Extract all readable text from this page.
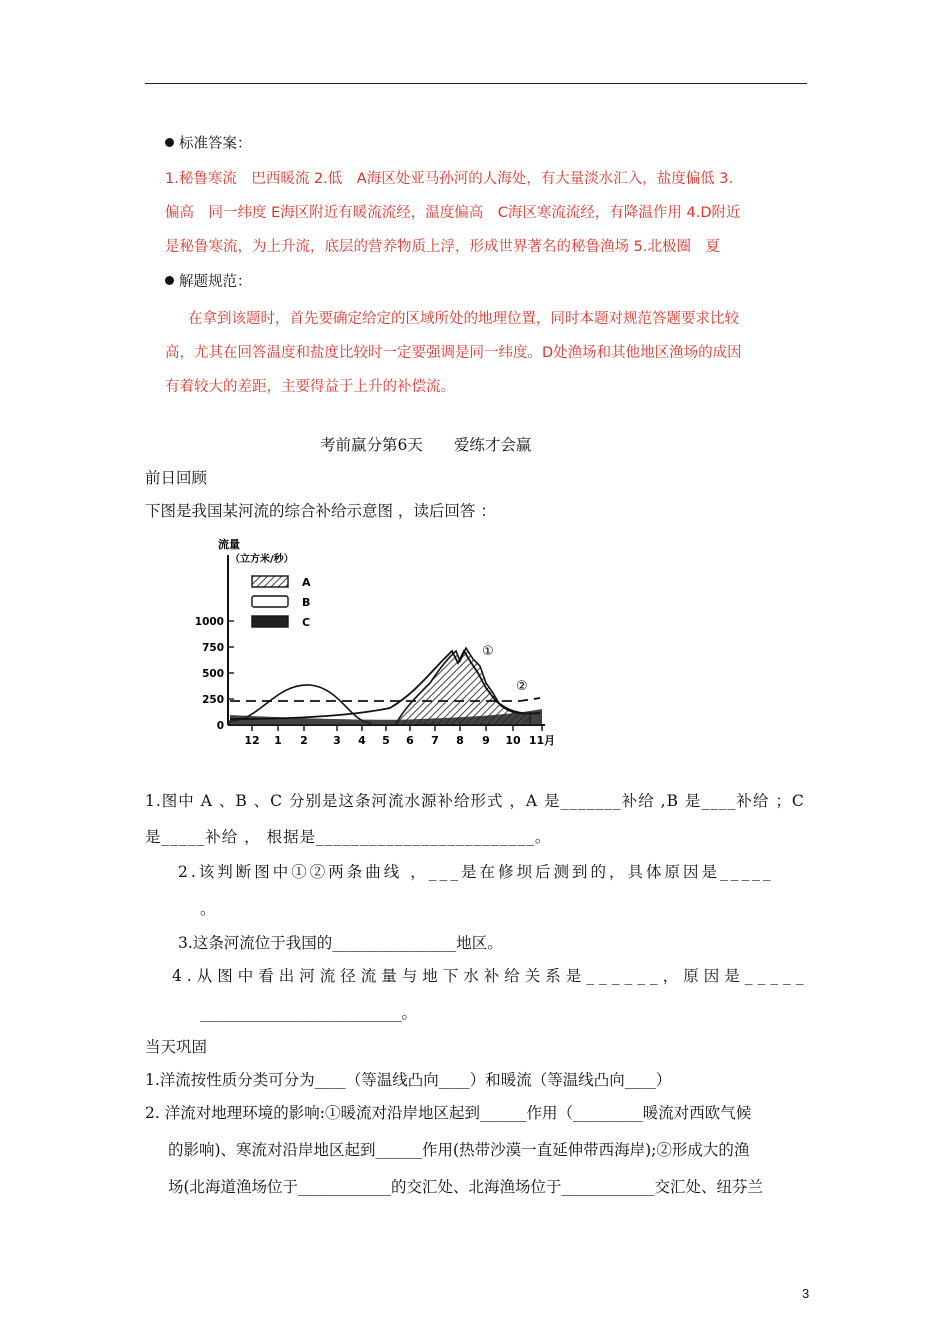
标准答案：
1.秘鲁寒流　巴西暖流 2.低　A海区处亚马孙河的人海处，有大量淡水汇入，盐度偏低 3.
偏高　同一纬度 E海区附近有暖流流经，温度偏高　C海区寒流流经，有降温作用 4.D附近
是秘鲁寒流，为上升流，底层的营养物质上浮，形成世界著名的秘鲁渔场 5.北极圈　夏
解题规范：
在拿到该题时，首先要确定给定的区域所处的地理位置，同时本题对规范答题要求比较
高，尤其在回答温度和盐度比较时一定要强调是同一纬度。D处渔场和其他地区渔场的成因
有着较大的差距，主要得益于上升的补偿流。
考前赢分第6天　　爱练才会赢
前日回顾
下图是我国某河流的综合补给示意图 ，读后回答 ：
流量
（立方米/秒）
A
B
C
1000
750
500
250
0
12 1 2 3 4 5 6 7 8 9 10 11月
①
②
1.图中 A 、B 、C 分别是这条河流水源补给形式 ，A 是_______补给 ,B 是____补给 ；C
是_____补给 ， 根据是_________________________。
2.该判断图中①②两条曲线 ，___是在修坝后测到的，具体原因是_____
。
3.这条河流位于我国的________________地区。
4.从图中看出河流径流量与地下水补给关系是______，原因是_____
__________________________。
当天巩固
1.洋流按性质分类可分为____（等温线凸向____）和暖流（等温线凸向____）
2. 洋流对地理环境的影响:①暖流对沿岸地区起到______作用（_________暖流对西欧气候
的影响)、寒流对沿岸地区起到______作用(热带沙漠一直延伸带西海岸);②形成大的渔
场(北海道渔场位于____________的交汇处、北海渔场位于____________交汇处、纽芬兰
3
